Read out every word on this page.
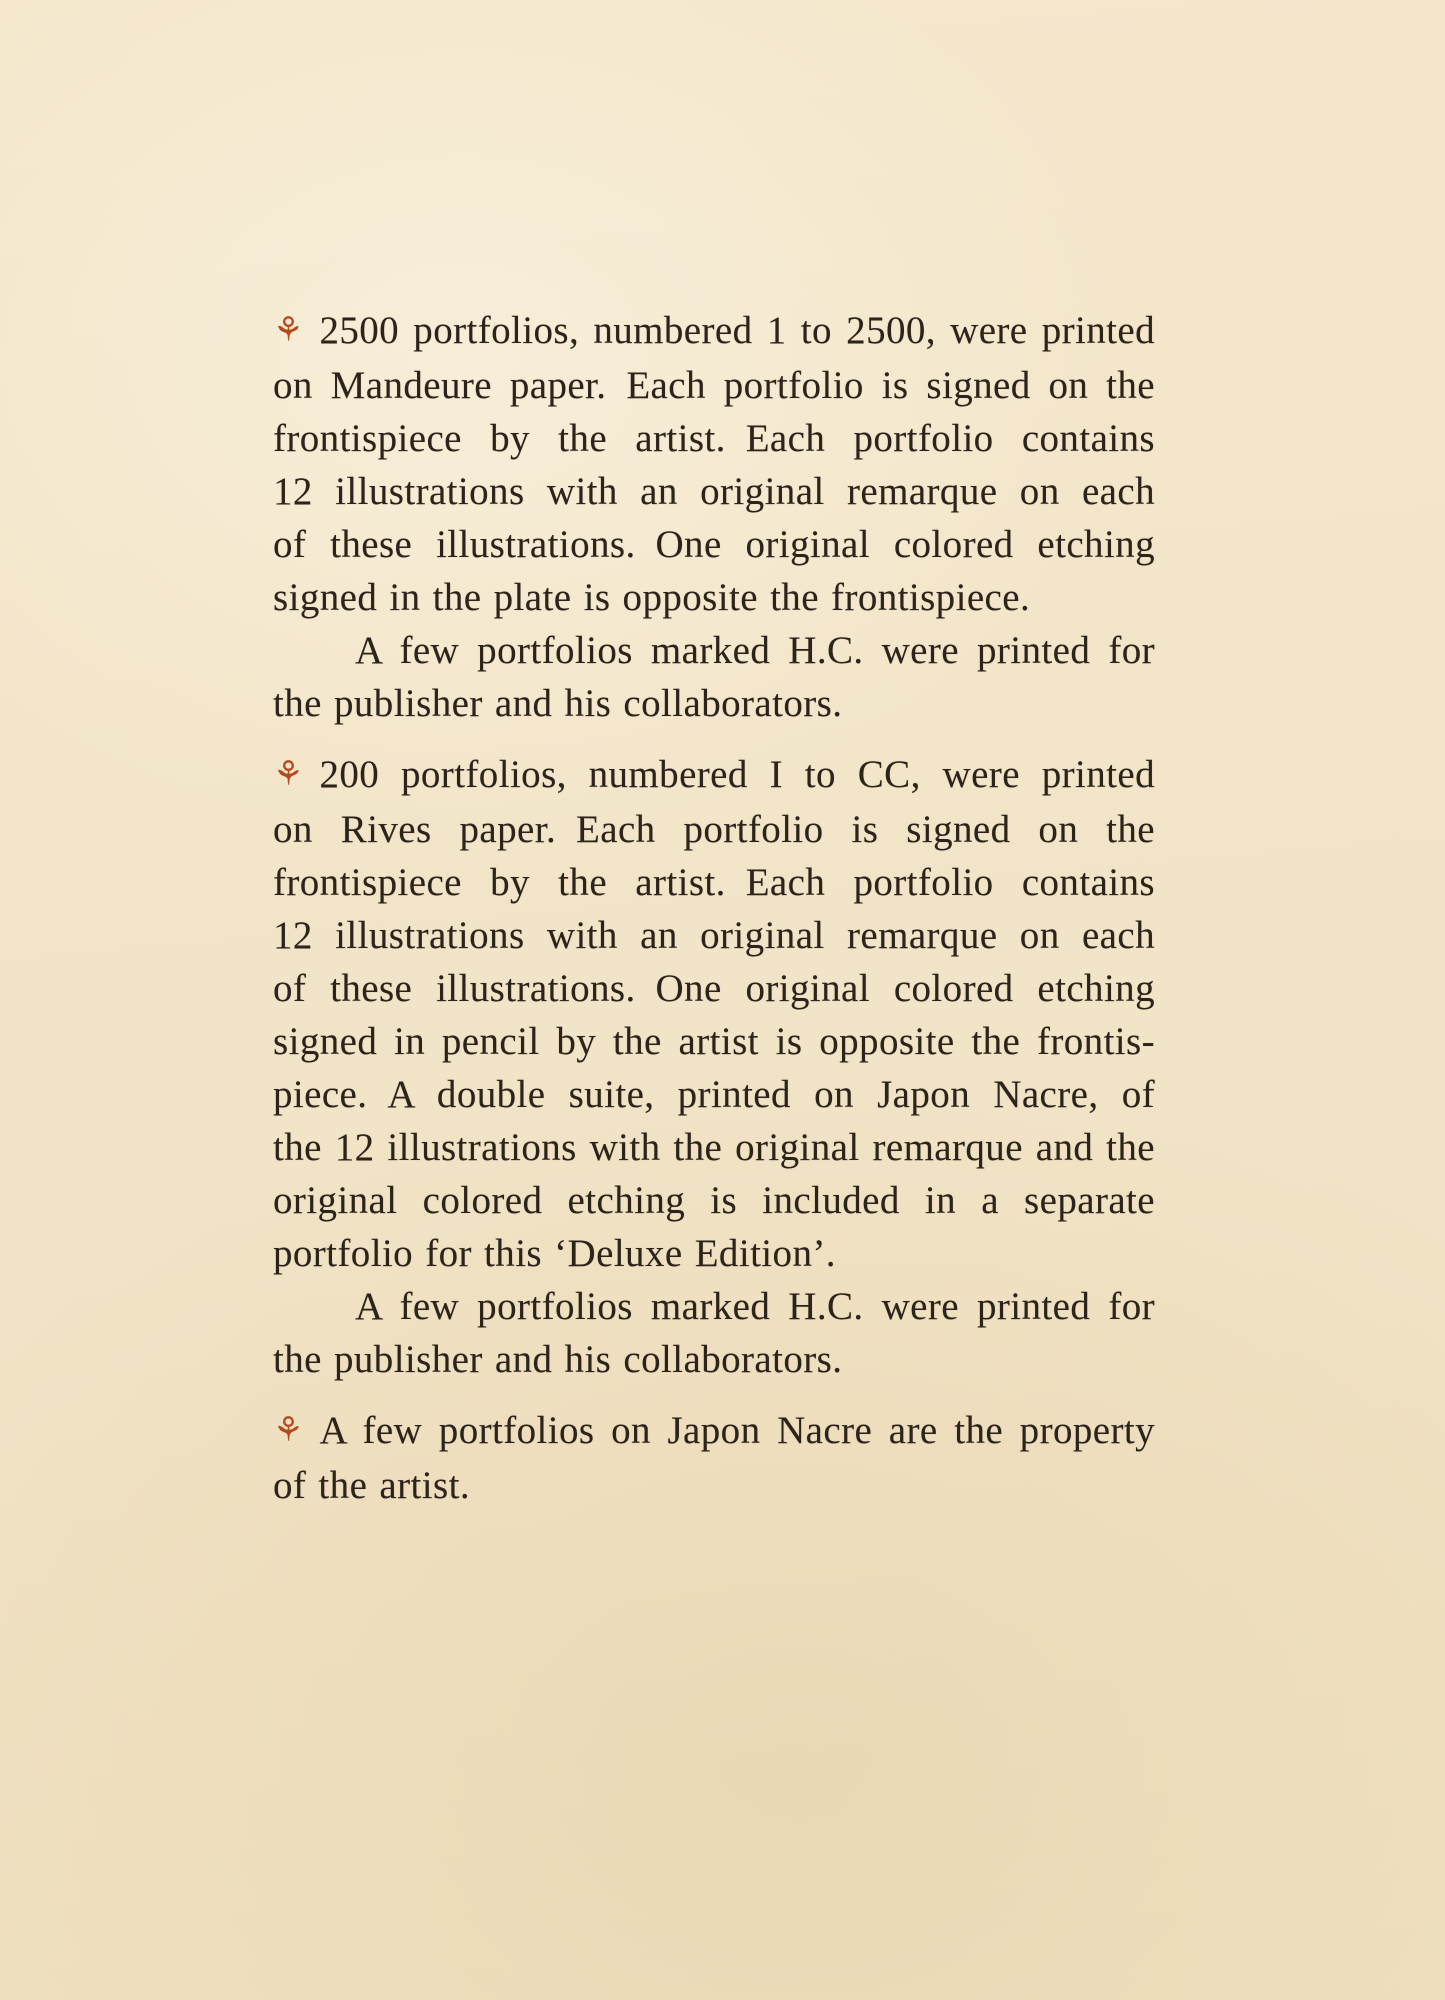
⚘ 2500 portfolios, numbered 1 to 2500, were printed
on Mandeure paper. Each portfolio is signed on the
frontispiece by the artist. Each portfolio contains
12 illustrations with an original remarque on each
of these illustrations. One original colored etching
signed in the plate is opposite the frontispiece.
A few portfolios marked H.C. were printed for
the publisher and his collaborators.
⚘ 200 portfolios, numbered I to CC, were printed
on Rives paper. Each portfolio is signed on the
frontispiece by the artist. Each portfolio contains
12 illustrations with an original remarque on each
of these illustrations. One original colored etching
signed in pencil by the artist is opposite the frontis-
piece. A double suite, printed on Japon Nacre, of
the 12 illustrations with the original remarque and the
original colored etching is included in a separate
portfolio for this ‘Deluxe Edition’.
A few portfolios marked H.C. were printed for
the publisher and his collaborators.
⚘ A few portfolios on Japon Nacre are the property
of the artist.
